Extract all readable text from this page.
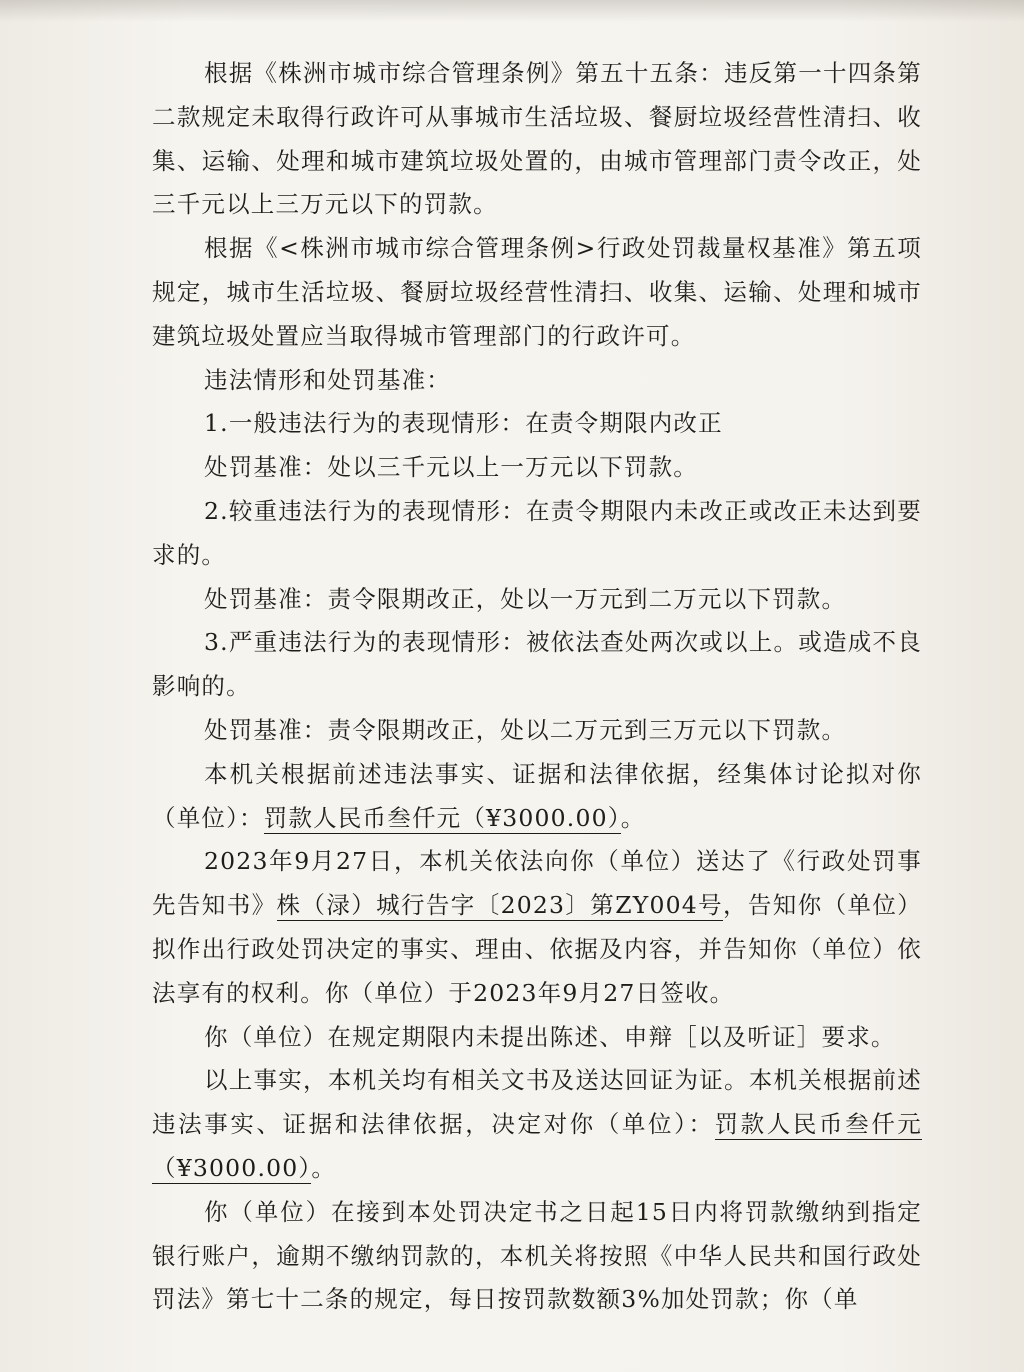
根据《株洲市城市综合管理条例》第五十五条：违反第一十四条第二款规定未取得行政许可从事城市生活垃圾、餐厨垃圾经营性清扫、收集、运输、处理和城市建筑垃圾处置的，由城市管理部门责令改正，处三千元以上三万元以下的罚款。

根据《<株洲市城市综合管理条例>行政处罚裁量权基准》第五项规定，城市生活垃圾、餐厨垃圾经营性清扫、收集、运输、处理和城市建筑垃圾处置应当取得城市管理部门的行政许可。

违法情形和处罚基准：

1.一般违法行为的表现情形：在责令期限内改正

处罚基准：处以三千元以上一万元以下罚款。

2.较重违法行为的表现情形：在责令期限内未改正或改正未达到要求的。

处罚基准：责令限期改正，处以一万元到二万元以下罚款。

3.严重违法行为的表现情形：被依法查处两次或以上。或造成不良影响的。

处罚基准：责令限期改正，处以二万元到三万元以下罚款。

本机关根据前述违法事实、证据和法律依据，经集体讨论拟对你（单位）：罚款人民币叁仟元（¥3000.00）。

2023年9月27日，本机关依法向你（单位）送达了《行政处罚事先告知书》株（渌）城行告字〔2023〕第ZY004号，告知你（单位）拟作出行政处罚决定的事实、理由、依据及内容，并告知你（单位）依法享有的权利。你（单位）于2023年9月27日签收。

你（单位）在规定期限内未提出陈述、申辩［以及听证］要求。

以上事实，本机关均有相关文书及送达回证为证。本机关根据前述违法事实、证据和法律依据，决定对你（单位）：罚款人民币叁仟元（¥3000.00）。

你（单位）在接到本处罚决定书之日起15日内将罚款缴纳到指定银行账户，逾期不缴纳罚款的，本机关将按照《中华人民共和国行政处罚法》第七十二条的规定，每日按罚款数额3%加处罚款；你（单
